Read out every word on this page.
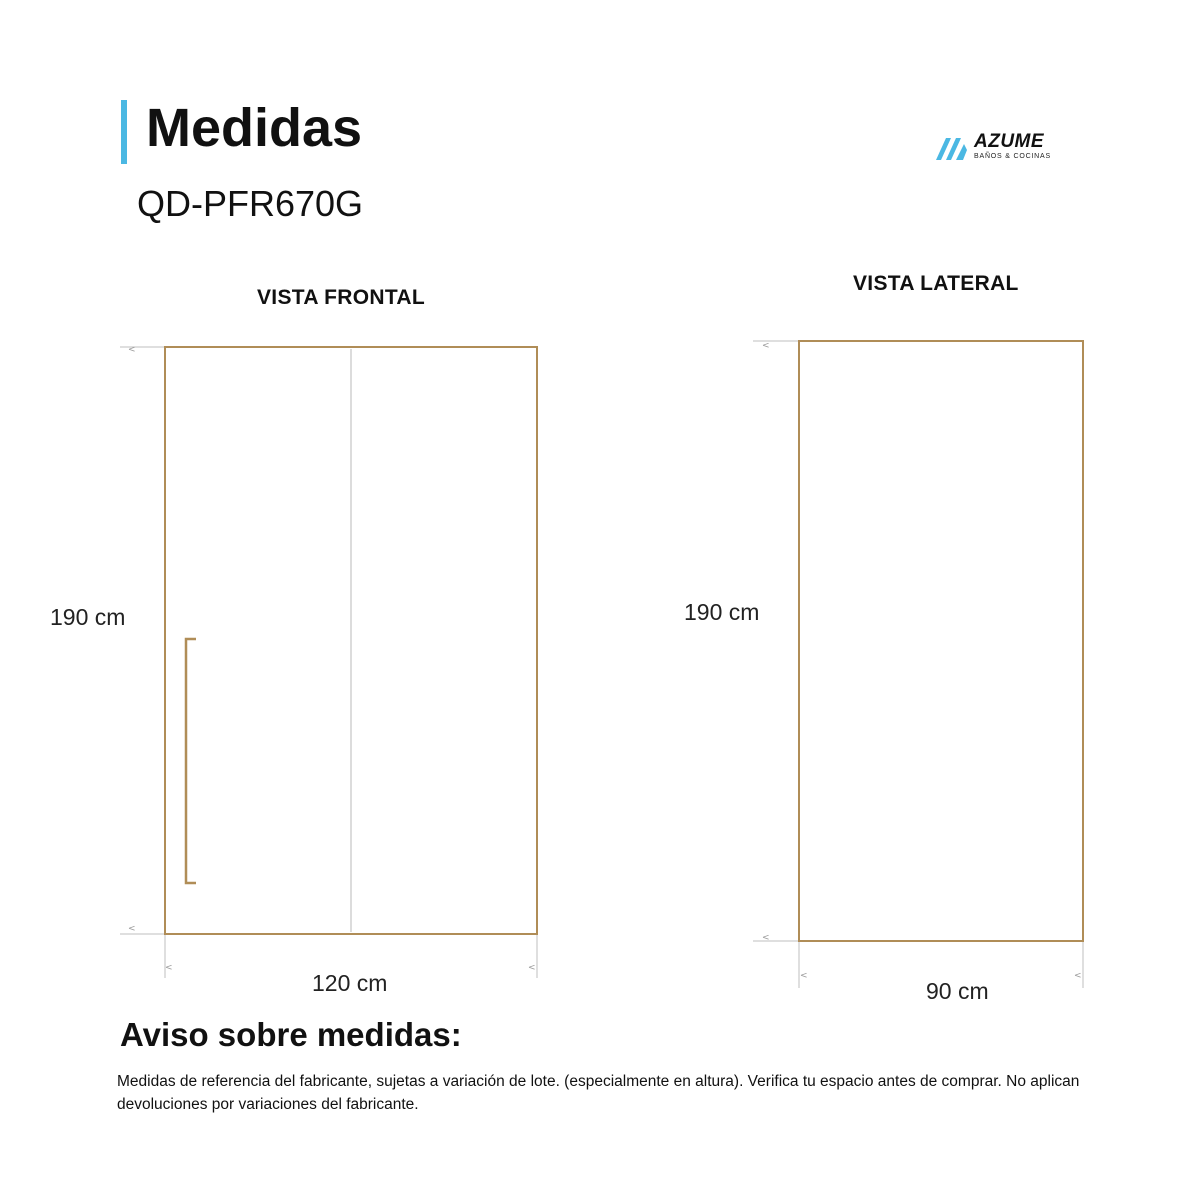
Medidas
QD-PFR670G
AZUME
BAÑOS & COCINAS
VISTA FRONTAL
VISTA LATERAL
<
<
<	<
<
<
<	<
190 cm
120 cm
190 cm
90 cm
Aviso sobre medidas:
Medidas de referencia del fabricante, sujetas a variación de lote. (especialmente en altura). Verifica tu espacio antes de comprar. No aplican devoluciones por variaciones del fabricante.
